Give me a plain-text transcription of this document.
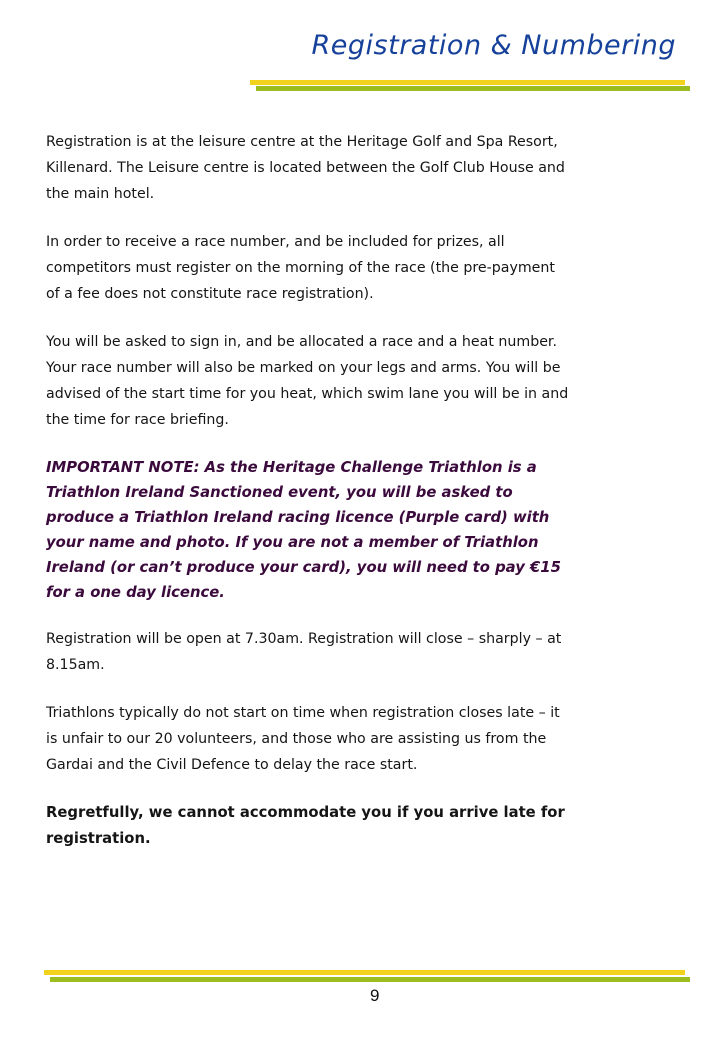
Registration & Numbering

Registration is at the leisure centre at the Heritage Golf and Spa Resort, Killenard. The Leisure centre is located between the Golf Club House and the main hotel.

In order to receive a race number, and be included for prizes, all competitors must register on the morning of the race (the pre-payment of a fee does not constitute race registration).

You will be asked to sign in, and be allocated a race and a heat number. Your race number will also be marked on your legs and arms. You will be advised of the start time for you heat, which swim lane you will be in and the time for race briefing.

IMPORTANT NOTE: As the Heritage Challenge Triathlon is a Triathlon Ireland Sanctioned event, you will be asked to produce a Triathlon Ireland racing licence (Purple card) with your name and photo. If you are not a member of Triathlon Ireland (or can’t produce your card), you will need to pay €15 for a one day licence.

Registration will be open at 7.30am. Registration will close – sharply – at 8.15am.

Triathlons typically do not start on time when registration closes late – it is unfair to our 20 volunteers, and those who are assisting us from the Gardai and the Civil Defence to delay the race start.

Regretfully, we cannot accommodate you if you arrive late for registration.

9
